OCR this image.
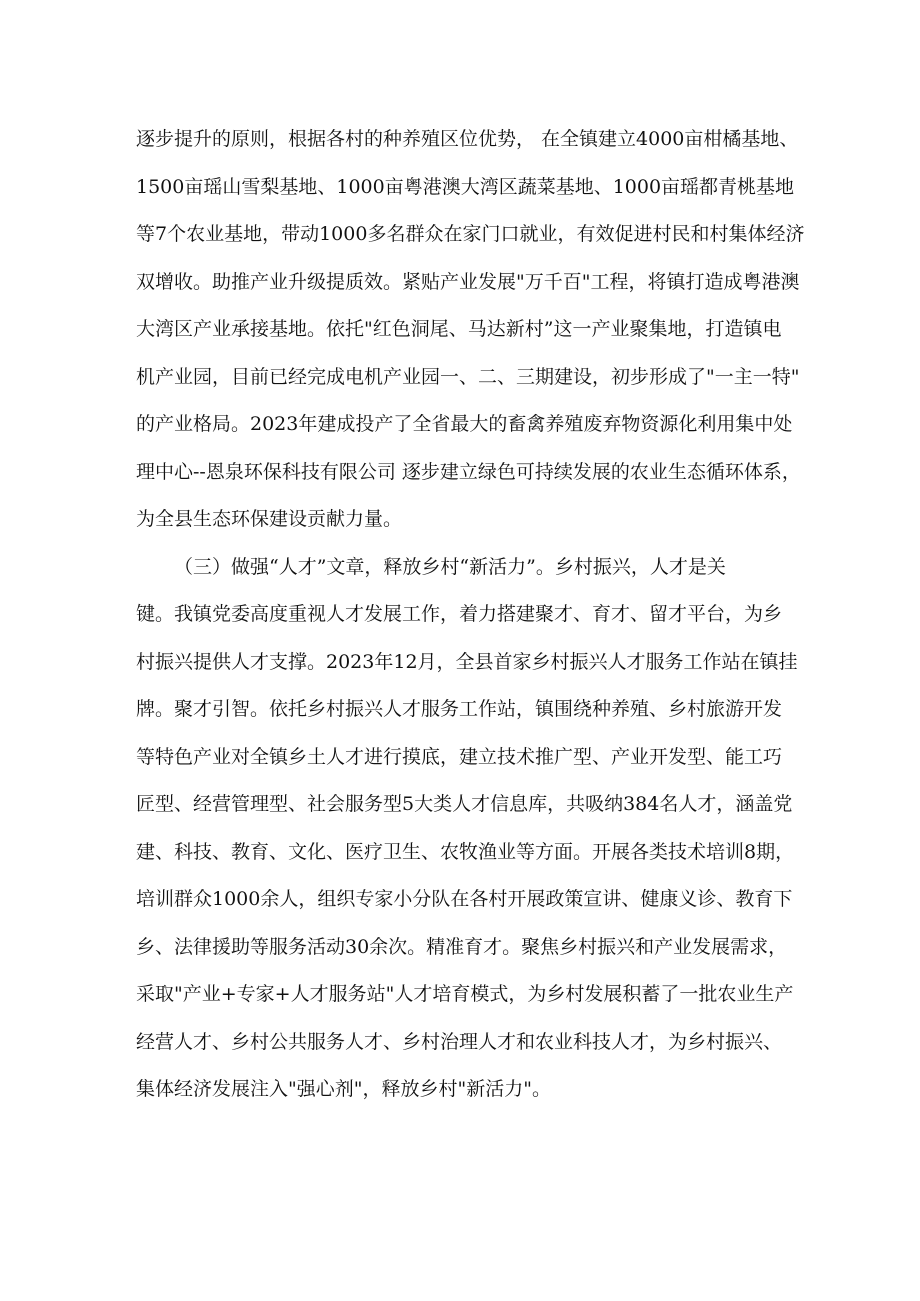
逐步提升的原则，根据各村的种养殖区位优势， 在全镇建立4000亩柑橘基地、
1500亩瑶山雪梨基地、1000亩粤港澳大湾区蔬菜基地、1000亩瑶都青桃基地
等7个农业基地，带动1000多名群众在家门口就业，有效促进村民和村集体经济
双增收。助推产业升级提质效。紧贴产业发展"万千百"工程，将镇打造成粤港澳
大湾区产业承接基地。依托"红色洞尾、马达新村”这一产业聚集地，打造镇电
机产业园，目前已经完成电机产业园一、二、三期建设，初步形成了"一主一特"
的产业格局。2023年建成投产了全省最大的畜禽养殖废弃物资源化利用集中处
理中心--恩泉环保科技有限公司 逐步建立绿色可持续发展的农业生态循环体系，
为全县生态环保建设贡献力量。
（三）做强“人才”文章，释放乡村“新活力”。乡村振兴，人才是关
键。我镇党委高度重视人才发展工作，着力搭建聚才、育才、留才平台，为乡
村振兴提供人才支撑。2023年12月，全县首家乡村振兴人才服务工作站在镇挂
牌。聚才引智。依托乡村振兴人才服务工作站，镇围绕种养殖、乡村旅游开发
等特色产业对全镇乡土人才进行摸底，建立技术推广型、产业开发型、能工巧
匠型、经营管理型、社会服务型5大类人才信息库，共吸纳384名人才，涵盖党
建、科技、教育、文化、医疗卫生、农牧渔业等方面。开展各类技术培训8期，
培训群众1000余人，组织专家小分队在各村开展政策宣讲、健康义诊、教育下
乡、法律援助等服务活动30余次。精准育才。聚焦乡村振兴和产业发展需求，
采取"产业+专家+人才服务站"人才培育模式，为乡村发展积蓄了一批农业生产
经营人才、乡村公共服务人才、乡村治理人才和农业科技人才，为乡村振兴、
集体经济发展注入"强心剂"，释放乡村"新活力"。
